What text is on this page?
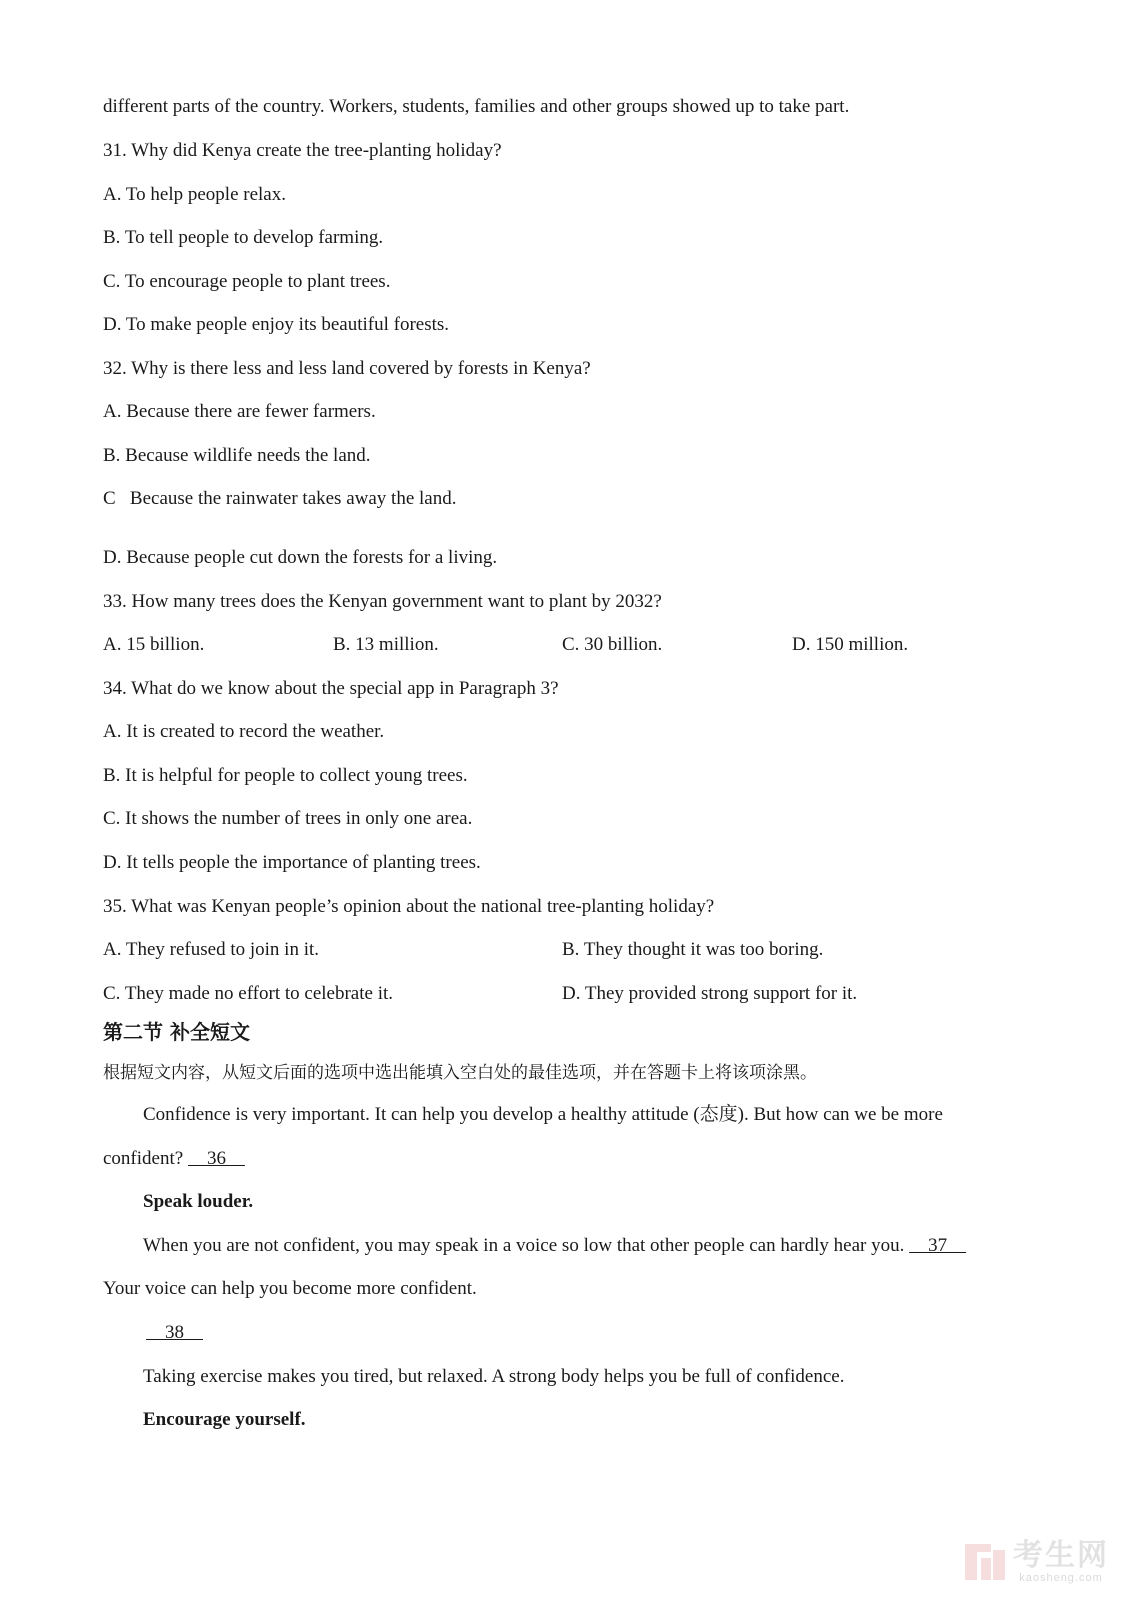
different parts of the country. Workers, students, families and other groups showed up to take part.
31. Why did Kenya create the tree-planting holiday?
A. To help people relax.
B. To tell people to develop farming.
C. To encourage people to plant trees.
D. To make people enjoy its beautiful forests.
32. Why is there less and less land covered by forests in Kenya?
A. Because there are fewer farmers.
B. Because wildlife needs the land.
C   Because the rainwater takes away the land.
D. Because people cut down the forests for a living.
33. How many trees does the Kenyan government want to plant by 2032?
A. 15 billion.	B. 13 million.	C. 30 billion.	D. 150 million.
34. What do we know about the special app in Paragraph 3?
A. It is created to record the weather.
B. It is helpful for people to collect young trees.
C. It shows the number of trees in only one area.
D. It tells people the importance of planting trees.
35. What was Kenyan people’s opinion about the national tree-planting holiday?
A. They refused to join in it.	B. They thought it was too boring.
C. They made no effort to celebrate it.	D. They provided strong support for it.
第二节 补全短文
根据短文内容，从短文后面的选项中选出能填入空白处的最佳选项，并在答题卡上将该项涂黑。
Confidence is very important. It can help you develop a healthy attitude (态度). But how can we be more
confident?     36
Speak louder.
When you are not confident, you may speak in a voice so low that other people can hardly hear you.     37
Your voice can help you become more confident.
38
Taking exercise makes you tired, but relaxed. A strong body helps you be full of confidence.
Encourage yourself.
考生网
kaosheng.com
